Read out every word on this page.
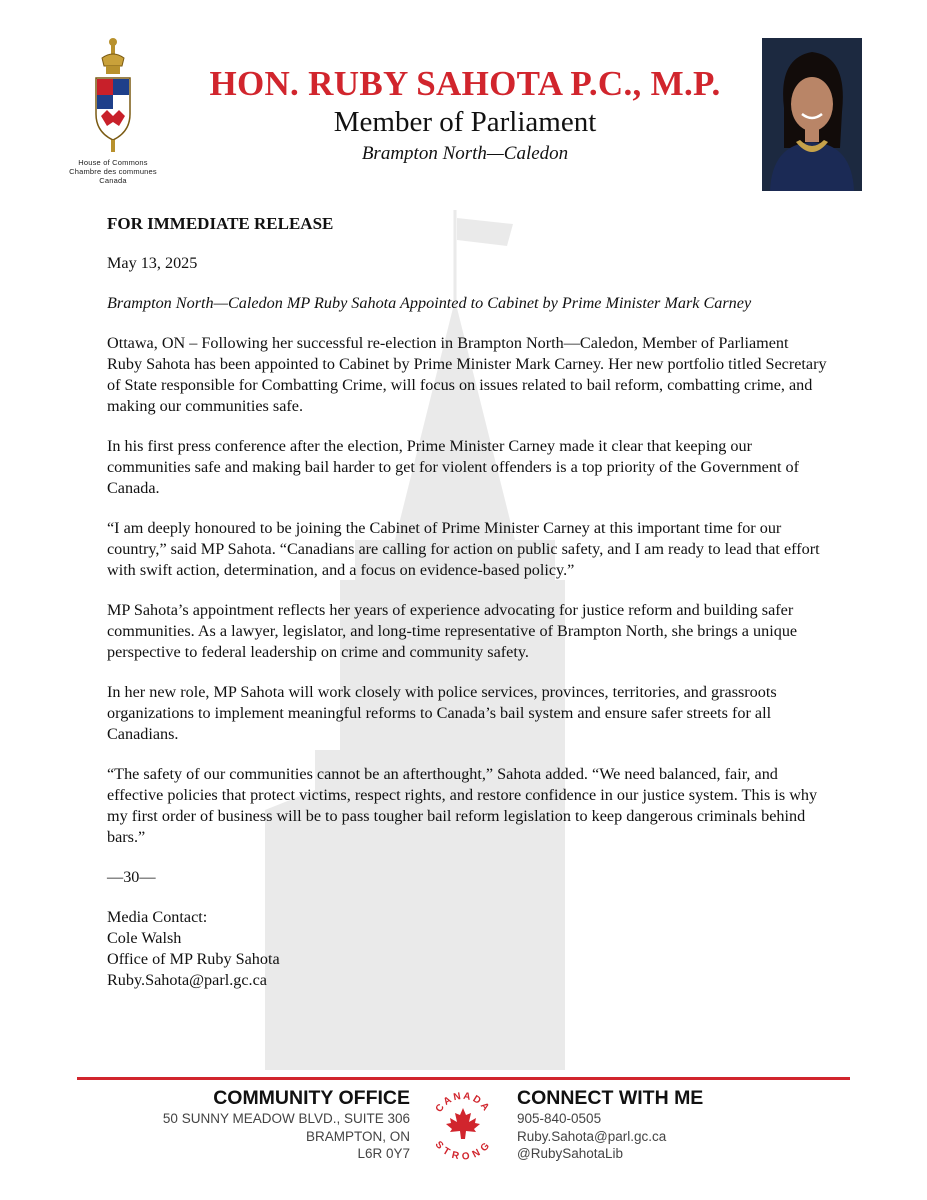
House of Commons
Chambre des communes
Canada
HON. RUBY SAHOTA P.C., M.P.
Member of Parliament
Brampton North—Caledon
FOR IMMEDIATE RELEASE
May 13, 2025
Brampton North—Caledon MP Ruby Sahota Appointed to Cabinet by Prime Minister Mark Carney
Ottawa, ON – Following her successful re-election in Brampton North—Caledon, Member of Parliament Ruby Sahota has been appointed to Cabinet by Prime Minister Mark Carney. Her new portfolio titled Secretary of State responsible for Combatting Crime, will focus on issues related to bail reform, combatting crime, and making our communities safe.
In his first press conference after the election, Prime Minister Carney made it clear that keeping our communities safe and making bail harder to get for violent offenders is a top priority of the Government of Canada.
“I am deeply honoured to be joining the Cabinet of Prime Minister Carney at this important time for our country,” said MP Sahota. “Canadians are calling for action on public safety, and I am ready to lead that effort with swift action, determination, and a focus on evidence-based policy.”
MP Sahota’s appointment reflects her years of experience advocating for justice reform and building safer communities. As a lawyer, legislator, and long-time representative of Brampton North, she brings a unique perspective to federal leadership on crime and community safety.
In her new role, MP Sahota will work closely with police services, provinces, territories, and grassroots organizations to implement meaningful reforms to Canada’s bail system and ensure safer streets for all Canadians.
“The safety of our communities cannot be an afterthought,” Sahota added. “We need balanced, fair, and effective policies that protect victims, respect rights, and restore confidence in our justice system. This is why my first order of business will be to pass tougher bail reform legislation to keep dangerous criminals behind bars.”
—30—
Media Contact:
Cole Walsh
Office of MP Ruby Sahota
Ruby.Sahota@parl.gc.ca
COMMUNITY OFFICE
50 SUNNY MEADOW BLVD., SUITE 306
BRAMPTON, ON
L6R 0Y7
CANADA
STRONG
CONNECT WITH ME
905-840-0505
Ruby.Sahota@parl.gc.ca
@RubySahotaLib
